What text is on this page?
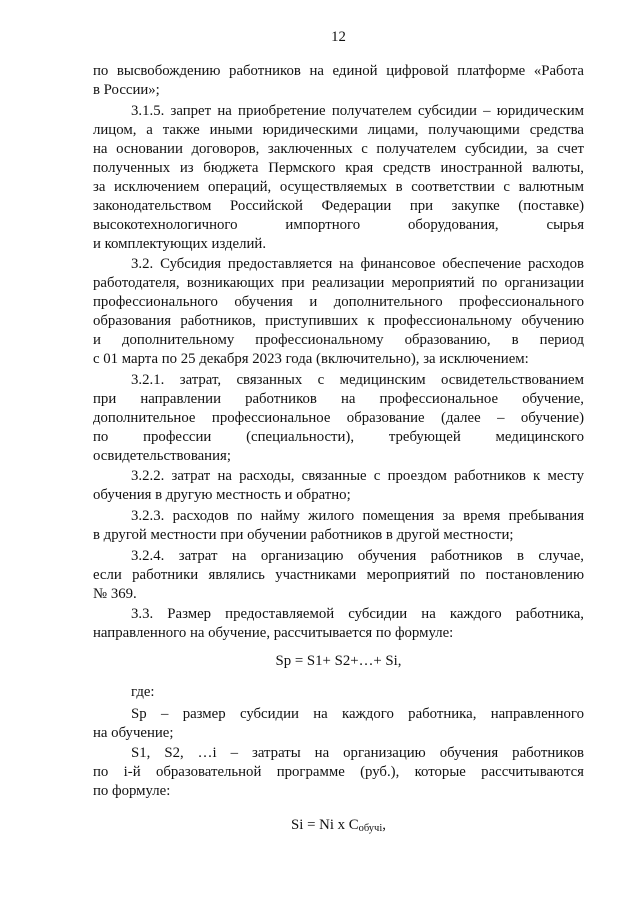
12
по высвобождению работников на единой цифровой платформе «Работа
в России»;
3.1.5. запрет на приобретение получателем субсидии – юридическим
лицом, а также иными юридическими лицами, получающими средства
на основании договоров, заключенных с получателем субсидии, за счет
полученных из бюджета Пермского края средств иностранной валюты,
за исключением операций, осуществляемых в соответствии с валютным
законодательством Российской Федерации при закупке (поставке)
высокотехнологичного импортного оборудования, сырья
и комплектующих изделий.
3.2. Субсидия предоставляется на финансовое обеспечение расходов
работодателя, возникающих при реализации мероприятий по организации
профессионального обучения и дополнительного профессионального
образования работников, приступивших к профессиональному обучению
и дополнительному профессиональному образованию, в период
с 01 марта по 25 декабря 2023 года (включительно), за исключением:
3.2.1. затрат, связанных с медицинским освидетельствованием
при направлении работников на профессиональное обучение,
дополнительное профессиональное образование (далее – обучение)
по профессии (специальности), требующей медицинского
освидетельствования;
3.2.2. затрат на расходы, связанные с проездом работников к месту
обучения в другую местность и обратно;
3.2.3. расходов по найму жилого помещения за время пребывания
в другой местности при обучении работников в другой местности;
3.2.4. затрат на организацию обучения работников в случае,
если работники являлись участниками мероприятий по постановлению
№ 369.
3.3. Размер предоставляемой субсидии на каждого работника,
направленного на обучение, рассчитывается по формуле:
Sp = S1+ S2+…+ Si,
где:
Sp – размер субсидии на каждого работника, направленного
на обучение;
S1, S2, …i – затраты на организацию обучения работников
по i-й образовательной программе (руб.), которые рассчитываются
по формуле:
Si = Ni x $C_{обучi}$,
